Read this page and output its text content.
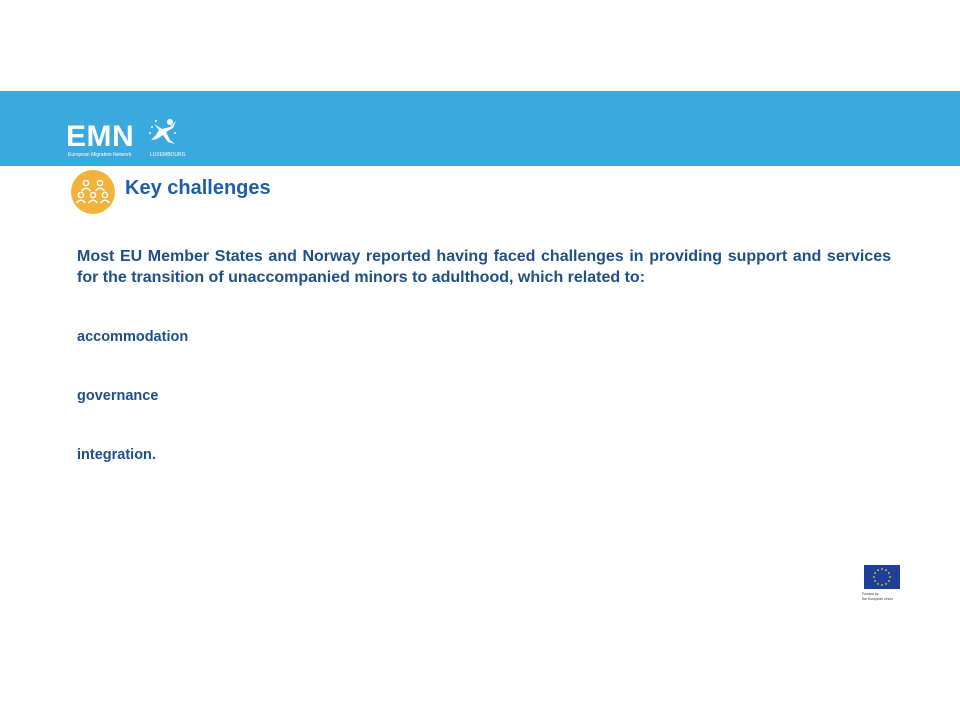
EMN
European Migration Network	LUXEMBOURG
Key challenges

Most EU Member States and Norway reported having faced challenges in providing support and services for the transition of unaccompanied minors to adulthood, which related to:

accommodation
governance
integration.
Funded by
the European Union
